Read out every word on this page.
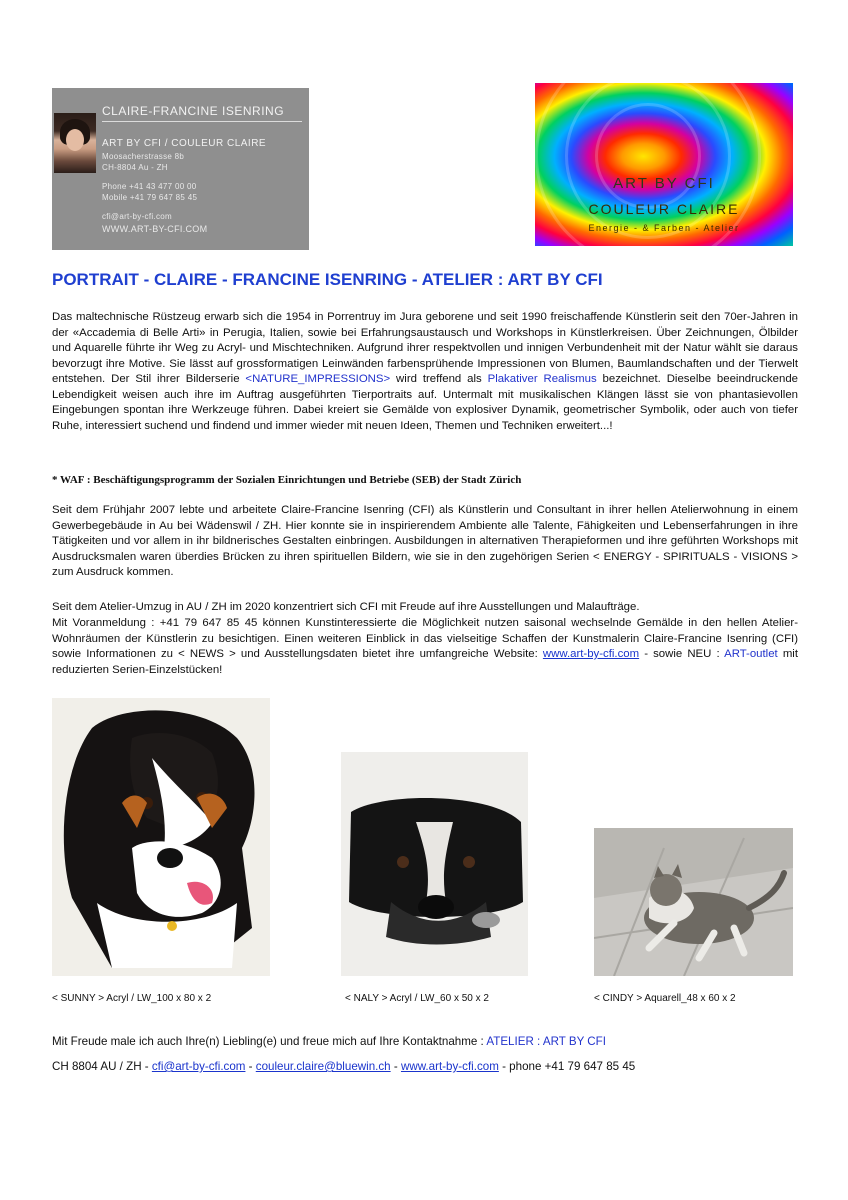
CLAIRE-FRANCINE ISENRING
ART BY CFI / COULEUR CLAIRE
Moosacherstrasse 8b
CH-8804 Au - ZH
Phone +41 43 477 00 00
Mobile +41 79 647 85 45
cfi@art-by-cfi.com
WWW.ART-BY-CFI.COM
ART BY CFI
COULEUR CLAIRE
Energie - & Farben - Atelier
PORTRAIT - CLAIRE - FRANCINE ISENRING - ATELIER : ART BY CFI

Das maltechnische Rüstzeug erwarb sich die 1954 in Porrentruy im Jura geborene und seit 1990 freischaffende Künstlerin seit den 70er-Jahren in der «Accademia di Belle Arti» in Perugia, Italien, sowie bei Erfahrungsaustausch und Workshops in Künstlerkreisen. Über Zeichnungen, Ölbilder und Aquarelle führte ihr Weg zu Acryl- und Mischtechniken. Aufgrund ihrer respektvollen und innigen Verbundenheit mit der Natur wählt sie daraus bevorzugt ihre Motive. Sie lässt auf grossformatigen Leinwänden farbensprühende Impressionen von Blumen, Baumlandschaften und der Tierwelt entstehen. Der Stil ihrer Bilderserie <NATURE_IMPRESSIONS> wird treffend als Plakativer Realismus bezeichnet. Dieselbe beeindruckende Lebendigkeit weisen auch ihre im Auftrag ausgeführten Tierportraits auf. Untermalt mit musikalischen Klängen lässt sie von phantasievollen Eingebungen spontan ihre Werkzeuge führen. Dabei kreiert sie Gemälde von explosiver Dynamik, geometrischer Symbolik, oder auch von tiefer Ruhe, interessiert suchend und findend und immer wieder mit neuen Ideen, Themen und Techniken erweitert...!

* WAF : Beschäftigungsprogramm der Sozialen Einrichtungen und Betriebe (SEB) der Stadt Zürich

Seit dem Frühjahr 2007 lebte und arbeitete Claire-Francine Isenring (CFI) als Künstlerin und Consultant in ihrer hellen Atelierwohnung in einem Gewerbegebäude in Au bei Wädenswil / ZH. Hier konnte sie in inspirierendem Ambiente alle Talente, Fähigkeiten und Lebenserfahrungen in ihre Tätigkeiten und vor allem in ihr bildnerisches Gestalten einbringen. Ausbildungen in alternativen Therapieformen und ihre geführten Workshops mit Ausdrucksmalen waren überdies Brücken zu ihren spirituellen Bildern, wie sie in den zugehörigen Serien < ENERGY - SPIRITUALS - VISIONS > zum Ausdruck kommen.

Seit dem Atelier-Umzug in AU / ZH im 2020 konzentriert sich CFI mit Freude auf ihre Ausstellungen und Malaufträge.

Mit Voranmeldung : +41 79 647 85 45 können Kunstinteressierte die Möglichkeit nutzen saisonal wechselnde Gemälde in den hellen Atelier-Wohnräumen der Künstlerin zu besichtigen. Einen weiteren Einblick in das vielseitige Schaffen der Kunstmalerin Claire-Francine Isenring (CFI) sowie Informationen zu < NEWS > und Ausstellungsdaten bietet ihre umfangreiche Website: www.art-by-cfi.com - sowie NEU : ART-outlet mit reduzierten Serien-Einzelstücken!

< SUNNY > Acryl / LW_100 x 80 x 2	< NALY > Acryl / LW_60 x 50 x 2	< CINDY > Aquarell_48 x 60 x 2
Mit Freude male ich auch Ihre(n) Liebling(e) und freue mich auf Ihre Kontaktnahme : ATELIER : ART BY CFI
CH 8804 AU / ZH - cfi@art-by-cfi.com - couleur.claire@bluewin.ch - www.art-by-cfi.com - phone +41 79 647 85 45
